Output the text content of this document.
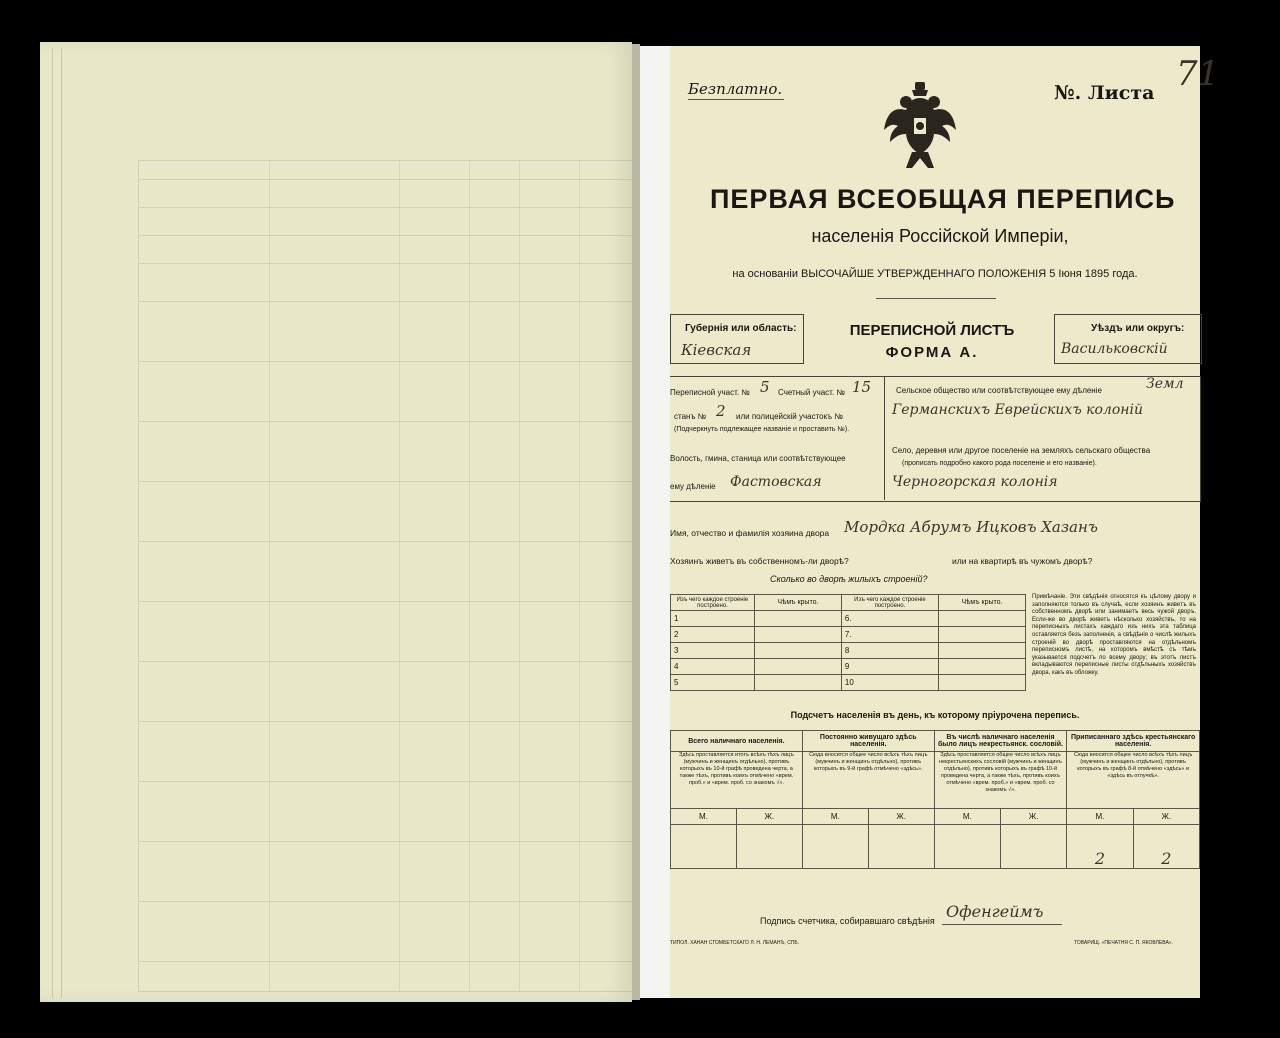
Безплатно.	№. Листа 71
ПЕРВАЯ ВСЕОБЩАЯ ПЕРЕПИСЬ
населенія Россійской Имперіи,
на основаніи ВЫСОЧАЙШЕ УТВЕРЖДЕННАГО ПОЛОЖЕНІЯ 5 Іюня 1895 года.
Губернія или область:
Кіевская
ПЕРЕПИСНОЙ ЛИСТЪ
ФОРМА А.
Уѣздъ или округъ:
Васильковскій
Переписной участ. № 5 Счетный участ. № 15
станъ № 2 или полицейскій участокъ №
(Подчеркнуть подлежащее названіе и проставить №).
Волость, гмина, станица или соотвѣтствующее
ему дѣленіе Фастовская
Сельское общество или соотвѣтствующее ему дѣленіе	Земл
Германскихъ Еврейскихъ колоній
Село, деревня или другое поселеніе на земляхъ сельскаго общества
(прописать подробно какого рода поселеніе и его названіе).
Черногорская колонія
Имя, отчество и фамилія хозяина двора Мордка Абрумъ Ицковъ Хазанъ
Хозяинъ живетъ въ собственномъ-ли дворѣ?	или на квартирѣ въ чужомъ дворѣ?
Сколько во дворѣ жилыхъ строеній?
Изъ чего каждое строеніе построено.	Чѣмъ крыто.	Изъ чего каждое строеніе построено.	Чѣмъ крыто.
1		6.	
2		7.	
3		8	
4		9	
5		10	
Примѣчаніе. Эти свѣдѣнія относятся къ цѣлому двору и заполняются только въ случаѣ, если хозяинъ живетъ въ собственномъ дворѣ или занимаетъ весь чужой дворъ. Если-же во дворѣ живетъ нѣсколько хозяйствъ, то на переписныхъ листахъ каждаго изъ нихъ эта таблица оставляется безъ заполненія, а свѣдѣнія о числѣ жилыхъ строеній во дворѣ проставляются на отдѣльномъ переписномъ листѣ, на которомъ вмѣстѣ съ тѣмъ указывается подсчетъ по всему двору; въ этотъ листъ вкладываются переписные листы отдѣльныхъ хозяйствъ двора, какъ въ обложку.
Подсчетъ населенія въ день, къ которому пріурочена перепись.
Всего наличнаго населенія.		Постоянно живущаго здѣсь населенія.		Въ числѣ наличнаго населенія было лицъ некрестьянск. сословій.		Приписаннаго здѣсь крестьянскаго населенія.	
Здѣсь проставляется итогъ всѣхъ тѣхъ лицъ (мужчинъ и женщинъ отдѣльно), противъ которыхъ въ 10-й графѣ проведена черта, а также тѣхъ, противъ коихъ отмѣчено «врем. проб.» и «врем. проб. со знакомъ √».		Сюда вносится общее число всѣхъ тѣхъ лицъ (мужчинъ и женщинъ отдѣльно), противъ которыхъ въ 9-й графѣ отмѣчено «здѣсь».		Здѣсь проставляется общее число всѣхъ лицъ некрестьянскихъ сословій (мужчинъ и женщинъ отдѣльно), противъ которыхъ въ графѣ 10-й проведена черта, а также тѣхъ, противъ коихъ отмѣчено «врем. проб.» и «врем. проб. со знакомъ √».		Сюда вносится общее число всѣхъ тѣхъ лицъ (мужчинъ и женщинъ отдѣльно), противъ которыхъ въ графѣ 8-й отмѣчено «здѣсь» и «здѣсь въ отлучкѣ».	
М.	Ж.	М.	Ж.	М.	Ж.	М.	Ж.
						2	2
Подпись счетчика, собиравшаго свѣдѣнія Офенгеймъ
ТИПОЛ. ХАНАН СТОМБЕТСКАГО Л. Н. ЛЕМАНЪ, СПБ.	ТОВАРИЩ. «ПЕЧАТНЯ С. П. ЯКОВЛЕВА».
